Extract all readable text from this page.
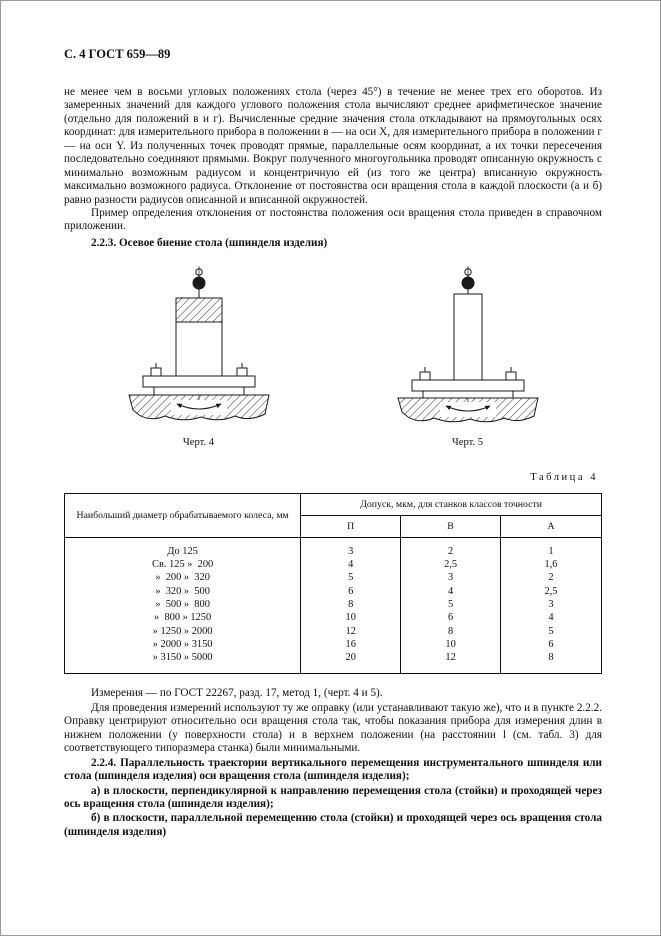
С. 4 ГОСТ 659—89

не менее чем в восьми угловых положениях стола (через 45°) в течение не менее трех его оборотов. Из замеренных значений для каждого углового положения стола вычисляют среднее арифметическое значение (отдельно для положений в и г). Вычисленные средние значения стола откладывают на прямоугольных осях координат: для измерительного прибора в положении в — на оси X, для измерительного прибора в положении г — на оси Y. Из полученных точек проводят прямые, параллельные осям координат, а их точки пересечения последовательно соединяют прямыми. Вокруг полученного многоугольника проводят описанную окружность с минимально возможным радиусом и концентричную ей (из того же центра) вписанную окружность максимально возможного радиуса. Отклонение от постоянства оси вращения стола в каждой плоскости (а и б) равно разности радиусов описанной и вписанной окружностей.

Пример определения отклонения от постоянства положения оси вращения стола приведен в справочном приложении.

2.2.3. Осевое биение стола (шпинделя изделия)

Черт. 4	Черт. 5
Таблица 4
Наибольший диаметр обрабатываемого колеса, мм	Допуск, мкм, для станков классов точности		
	П	В	А
До 125	3	2	1
Св. 125 »  200	4	2,5	1,6
»  200 »  320	5	3	2
»  320 »  500	6	4	2,5
»  500 »  800	8	5	3
»  800 » 1250	10	6	4
» 1250 » 2000	12	8	5
» 2000 » 3150	16	10	6
» 3150 » 5000	20	12	8

Измерения — по ГОСТ 22267, разд. 17, метод 1, (черт. 4 и 5).

Для проведения измерений используют ту же оправку (или устанавливают такую же), что и в пункте 2.2.2. Оправку центрируют относительно оси вращения стола так, чтобы показания прибора для измерения длин в нижнем положении (у поверхности стола) и в верхнем положении (на расстоянии l (см. табл. 3) для соответствующего типоразмера станка) были минимальными.

2.2.4. Параллельность траектории вертикального перемещения инструментального шпинделя или стола (шпинделя изделия) оси вращения стола (шпинделя изделия);

а) в плоскости, перпендикулярной к направлению перемещения стола (стойки) и проходящей через ось вращения стола (шпинделя изделия);

б) в плоскости, параллельной перемещению стола (стойки) и проходящей через ось вращения стола (шпинделя изделия)
